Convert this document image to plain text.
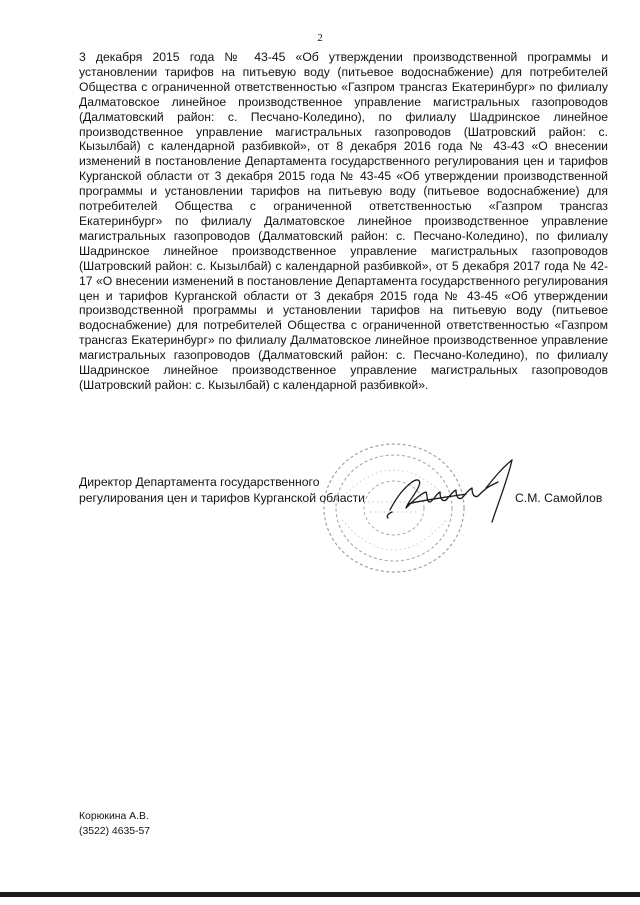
2

3 декабря 2015 года № 43-45 «Об утверждении производственной программы и установлении тарифов на питьевую воду (питьевое водоснабжение) для потребителей Общества с ограниченной ответственностью «Газпром трансгаз Екатеринбург» по филиалу Далматовское линейное производственное управление магистральных газопроводов (Далматовский район: с. Песчано-Коледино), по филиалу Шадринское линейное производственное управление магистральных газопроводов (Шатровский район: с. Кызылбай) с календарной разбивкой», от 8 декабря 2016 года № 43-43 «О внесении изменений в постановление Департамента государственного регулирования цен и тарифов Курганской области от 3 декабря 2015 года № 43-45 «Об утверждении производственной программы и установлении тарифов на питьевую воду (питьевое водоснабжение) для потребителей Общества с ограниченной ответственностью «Газпром трансгаз Екатеринбург» по филиалу Далматовское линейное производственное управление магистральных газопроводов (Далматовский район: с. Песчано-Коледино), по филиалу Шадринское линейное производственное управление магистральных газопроводов (Шатровский район: с. Кызылбай) с календарной разбивкой», от 5 декабря 2017 года № 42-17 «О внесении изменений в постановление Департамента государственного регулирования цен и тарифов Курганской области от 3 декабря 2015 года № 43-45 «Об утверждении производственной программы и установлении тарифов на питьевую воду (питьевое водоснабжение) для потребителей Общества с ограниченной ответственностью «Газпром трансгаз Екатеринбург» по филиалу Далматовское линейное производственное управление магистральных газопроводов (Далматовский район: с. Песчано-Коледино), по филиалу Шадринское линейное производственное управление магистральных газопроводов (Шатровский район: с. Кызылбай) с календарной разбивкой».

Директор Департамента государственного
регулирования цен и тарифов Курганской области	С.М. Самойлов
Корюкина А.В.
(3522) 4635-57
